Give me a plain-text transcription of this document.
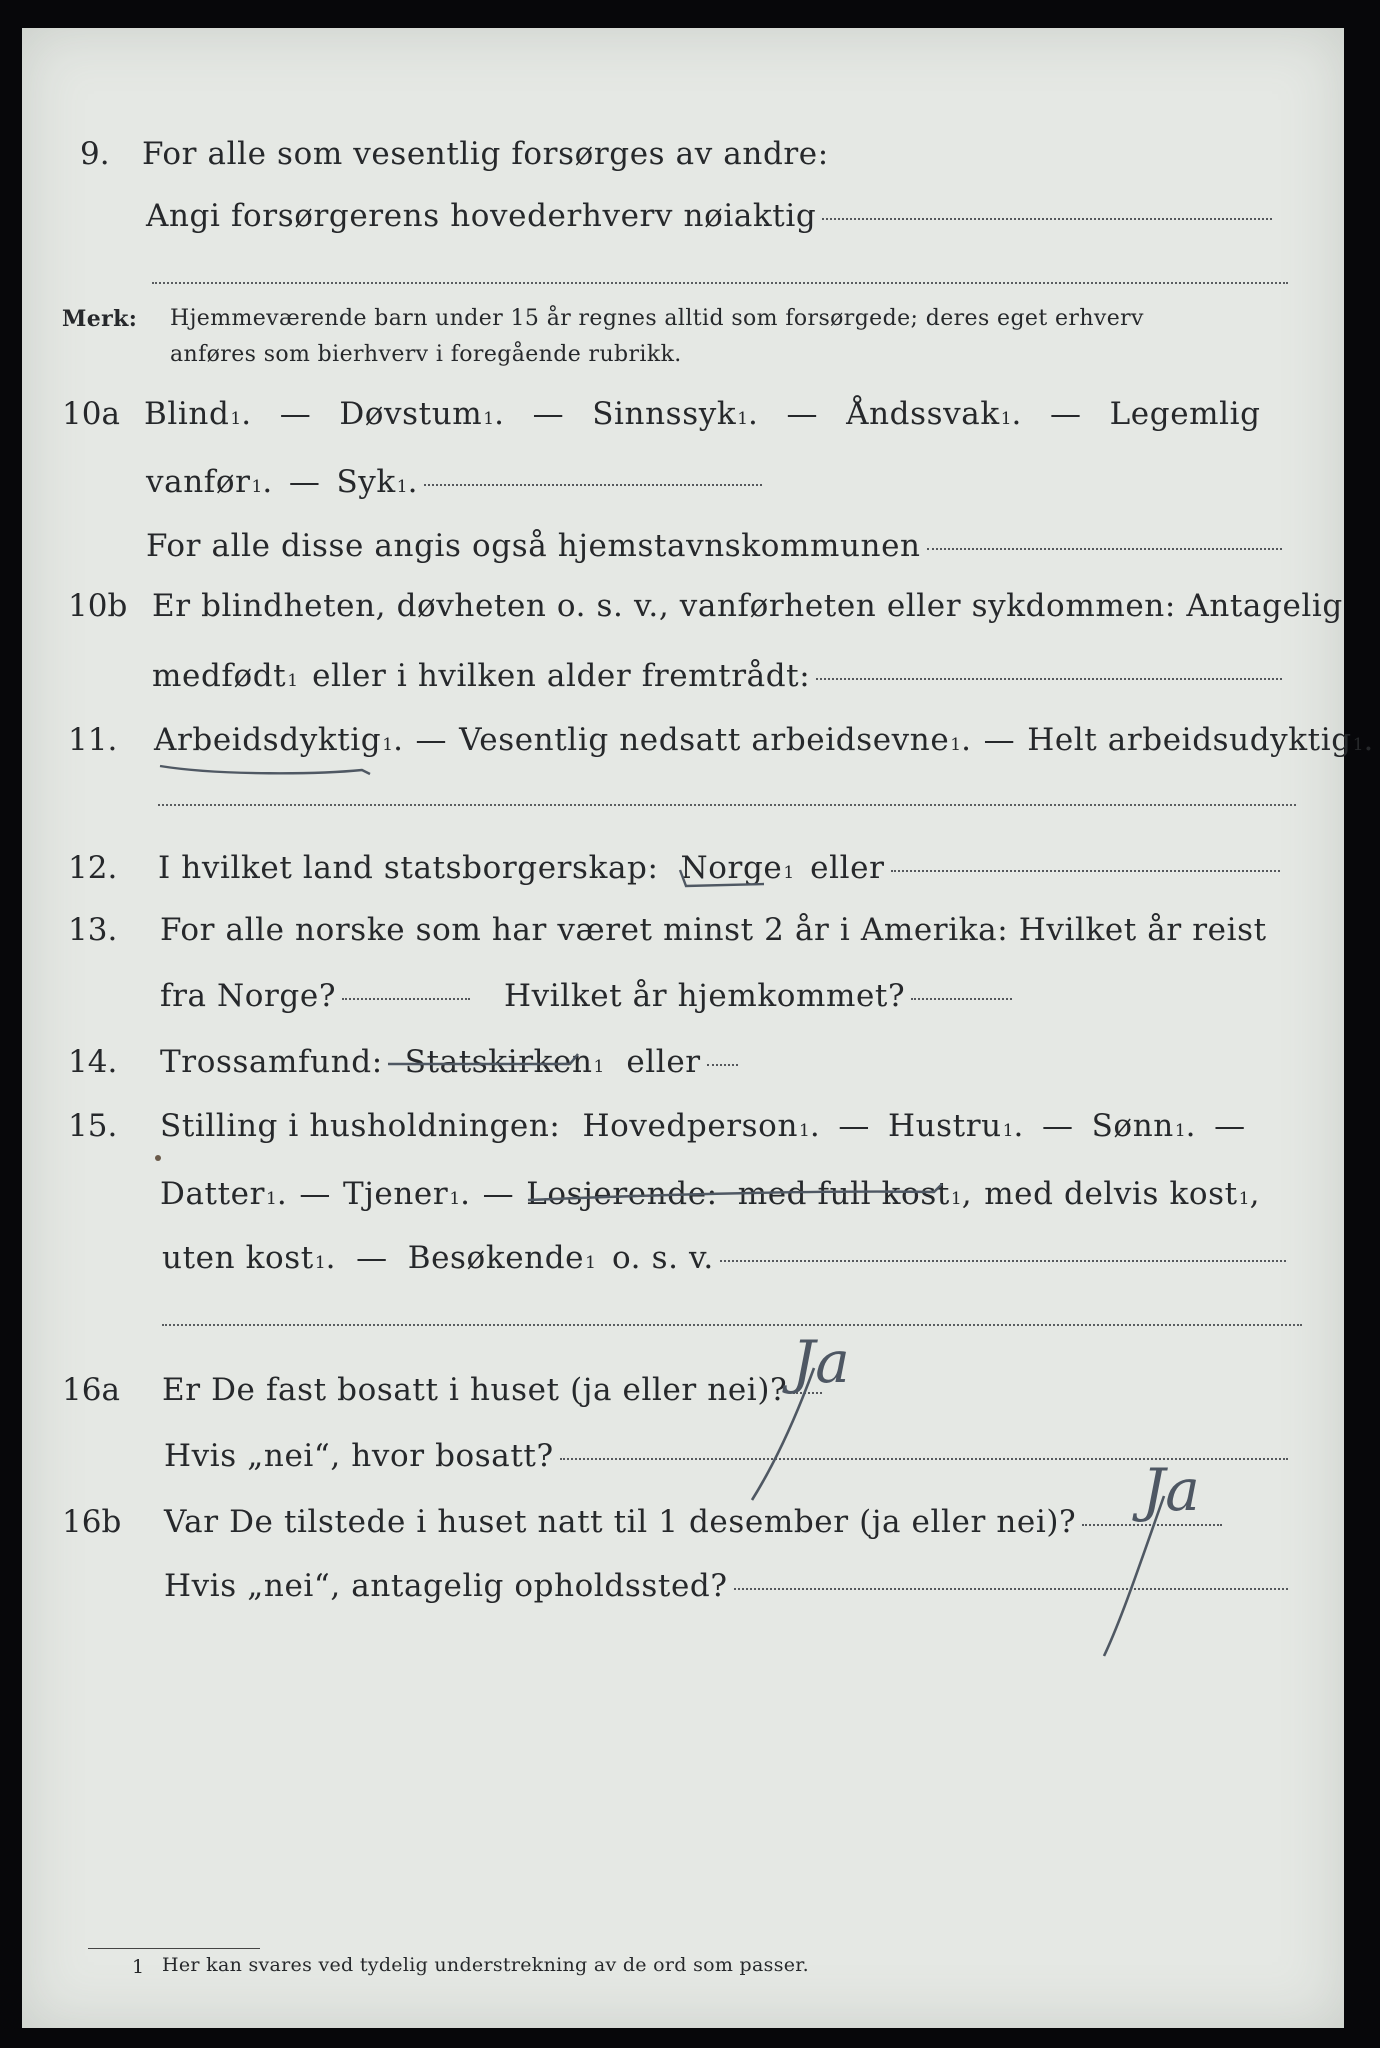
9. For alle som vesentlig forsørges av andre:
Angi forsørgerens hovederhverv nøiaktig
Merk: Hjemmeværende barn under 15 år regnes alltid som forsørgede; deres eget erhverv
anføres som bierhverv i foregående rubrikk.
10a Blind 1 . — Døvstum 1 . — Sinnssyk 1 . — Åndssvak 1 . — Legemlig
vanfør 1 . — Syk 1 .
For alle disse angis også hjemstavnskommunen
10b Er blindheten, døvheten o. s. v., vanførheten eller sykdommen: Antagelig
medfødt 1 eller i hvilken alder fremtrådt:
11. Arbeidsdyktig 1 . — Vesentlig nedsatt arbeidsevne 1 . — Helt arbeidsudyktig 1 .
12. I hvilket land statsborgerskap: Norge 1 eller
13. For alle norske som har været minst 2 år i Amerika: Hvilket år reist
fra Norge?	Hvilket år hjemkommet?
14. Trossamfund: Statskirken 1 eller
15. Stilling i husholdningen: Hovedperson 1 . — Hustru 1 . — Sønn 1 . —
Datter 1 . — Tjener 1 . — Losjerende: med full kost 1 , med delvis kost 1 ,
uten kost 1 . — Besøkende 1 o. s. v.
16a Er De fast bosatt i huset (ja eller nei)? Ja
Hvis „nei“, hvor bosatt?
16b Var De tilstede i huset natt til 1 desember (ja eller nei)? Ja
Hvis „nei“, antagelig opholdssted?
1 Her kan svares ved tydelig understrekning av de ord som passer.
